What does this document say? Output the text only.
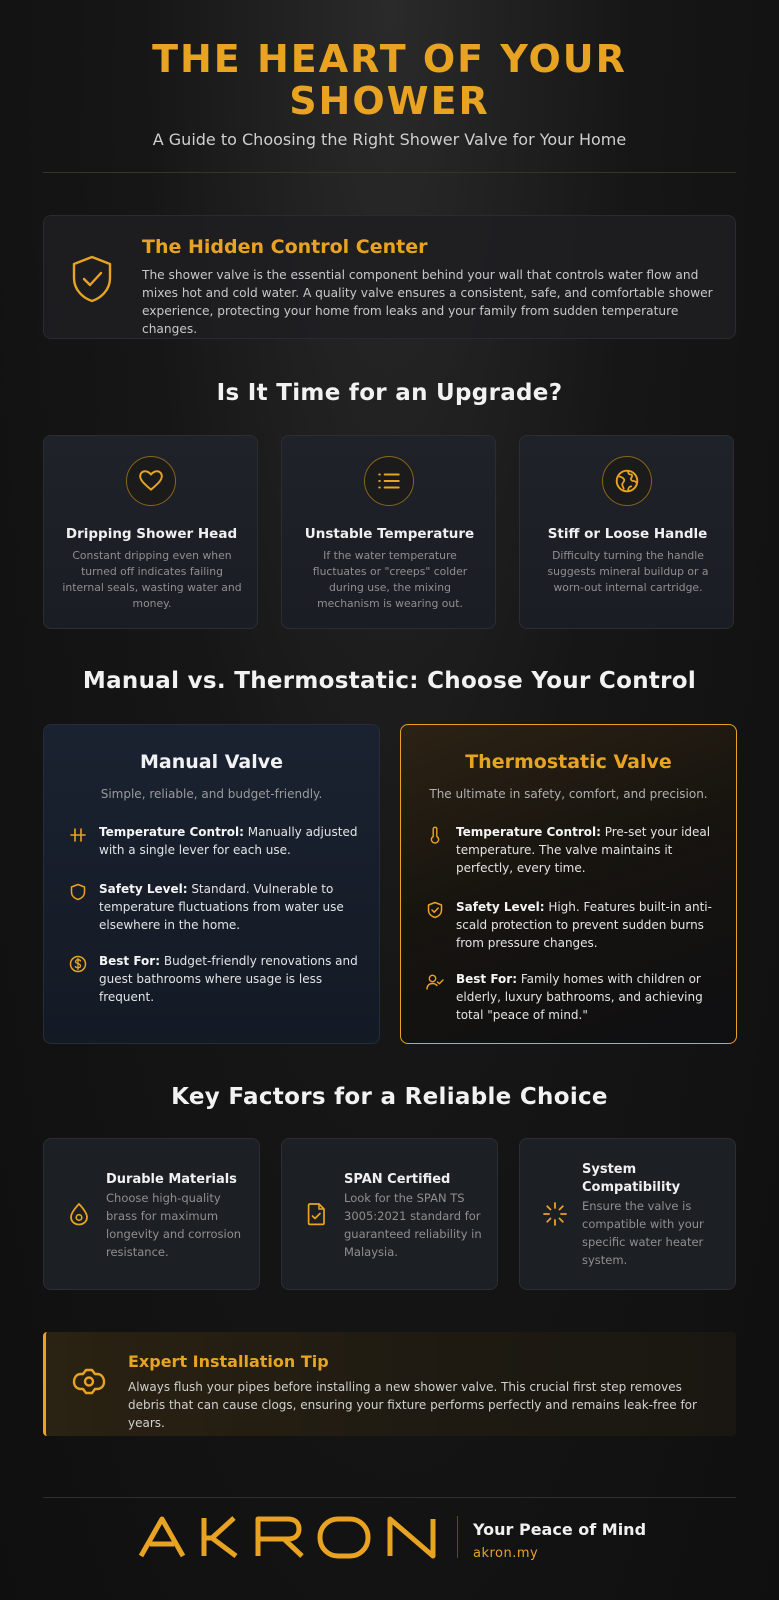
THE HEART OF YOUR
SHOWER
A Guide to Choosing the Right Shower Valve for Your Home
The Hidden Control Center

The shower valve is the essential component behind your wall that controls water flow and mixes hot and cold water. A quality valve ensures a consistent, safe, and comfortable shower experience, protecting your home from leaks and your family from sudden temperature changes.

Is It Time for an Upgrade?
Dripping Shower Head

Constant dripping even when turned off indicates failing internal seals, wasting water and money.

Unstable Temperature

If the water temperature fluctuates or "creeps" colder during use, the mixing mechanism is wearing out.

Stiff or Loose Handle

Difficulty turning the handle suggests mineral buildup or a worn-out internal cartridge.

Manual vs. Thermostatic: Choose Your Control
Manual Valve
Simple, reliable, and budget-friendly.
Temperature Control: Manually adjusted with a single lever for each use.
Safety Level: Standard. Vulnerable to temperature fluctuations from water use elsewhere in the home.
Best For: Budget-friendly renovations and guest bathrooms where usage is less frequent.
Thermostatic Valve
The ultimate in safety, comfort, and precision.
Temperature Control: Pre-set your ideal temperature. The valve maintains it perfectly, every time.
Safety Level: High. Features built-in anti-scald protection to prevent sudden burns from pressure changes.
Best For: Family homes with children or elderly, luxury bathrooms, and achieving total "peace of mind."
Key Factors for a Reliable Choice
Durable Materials

Choose high-quality brass for maximum longevity and corrosion resistance.

SPAN Certified

Look for the SPAN TS 3005:2021 standard for guaranteed reliability in Malaysia.

System Compatibility

Ensure the valve is compatible with your specific water heater system.

Expert Installation Tip

Always flush your pipes before installing a new shower valve. This crucial first step removes debris that can cause clogs, ensuring your fixture performs perfectly and remains leak-free for years.

Your Peace of Mind
akron.my
